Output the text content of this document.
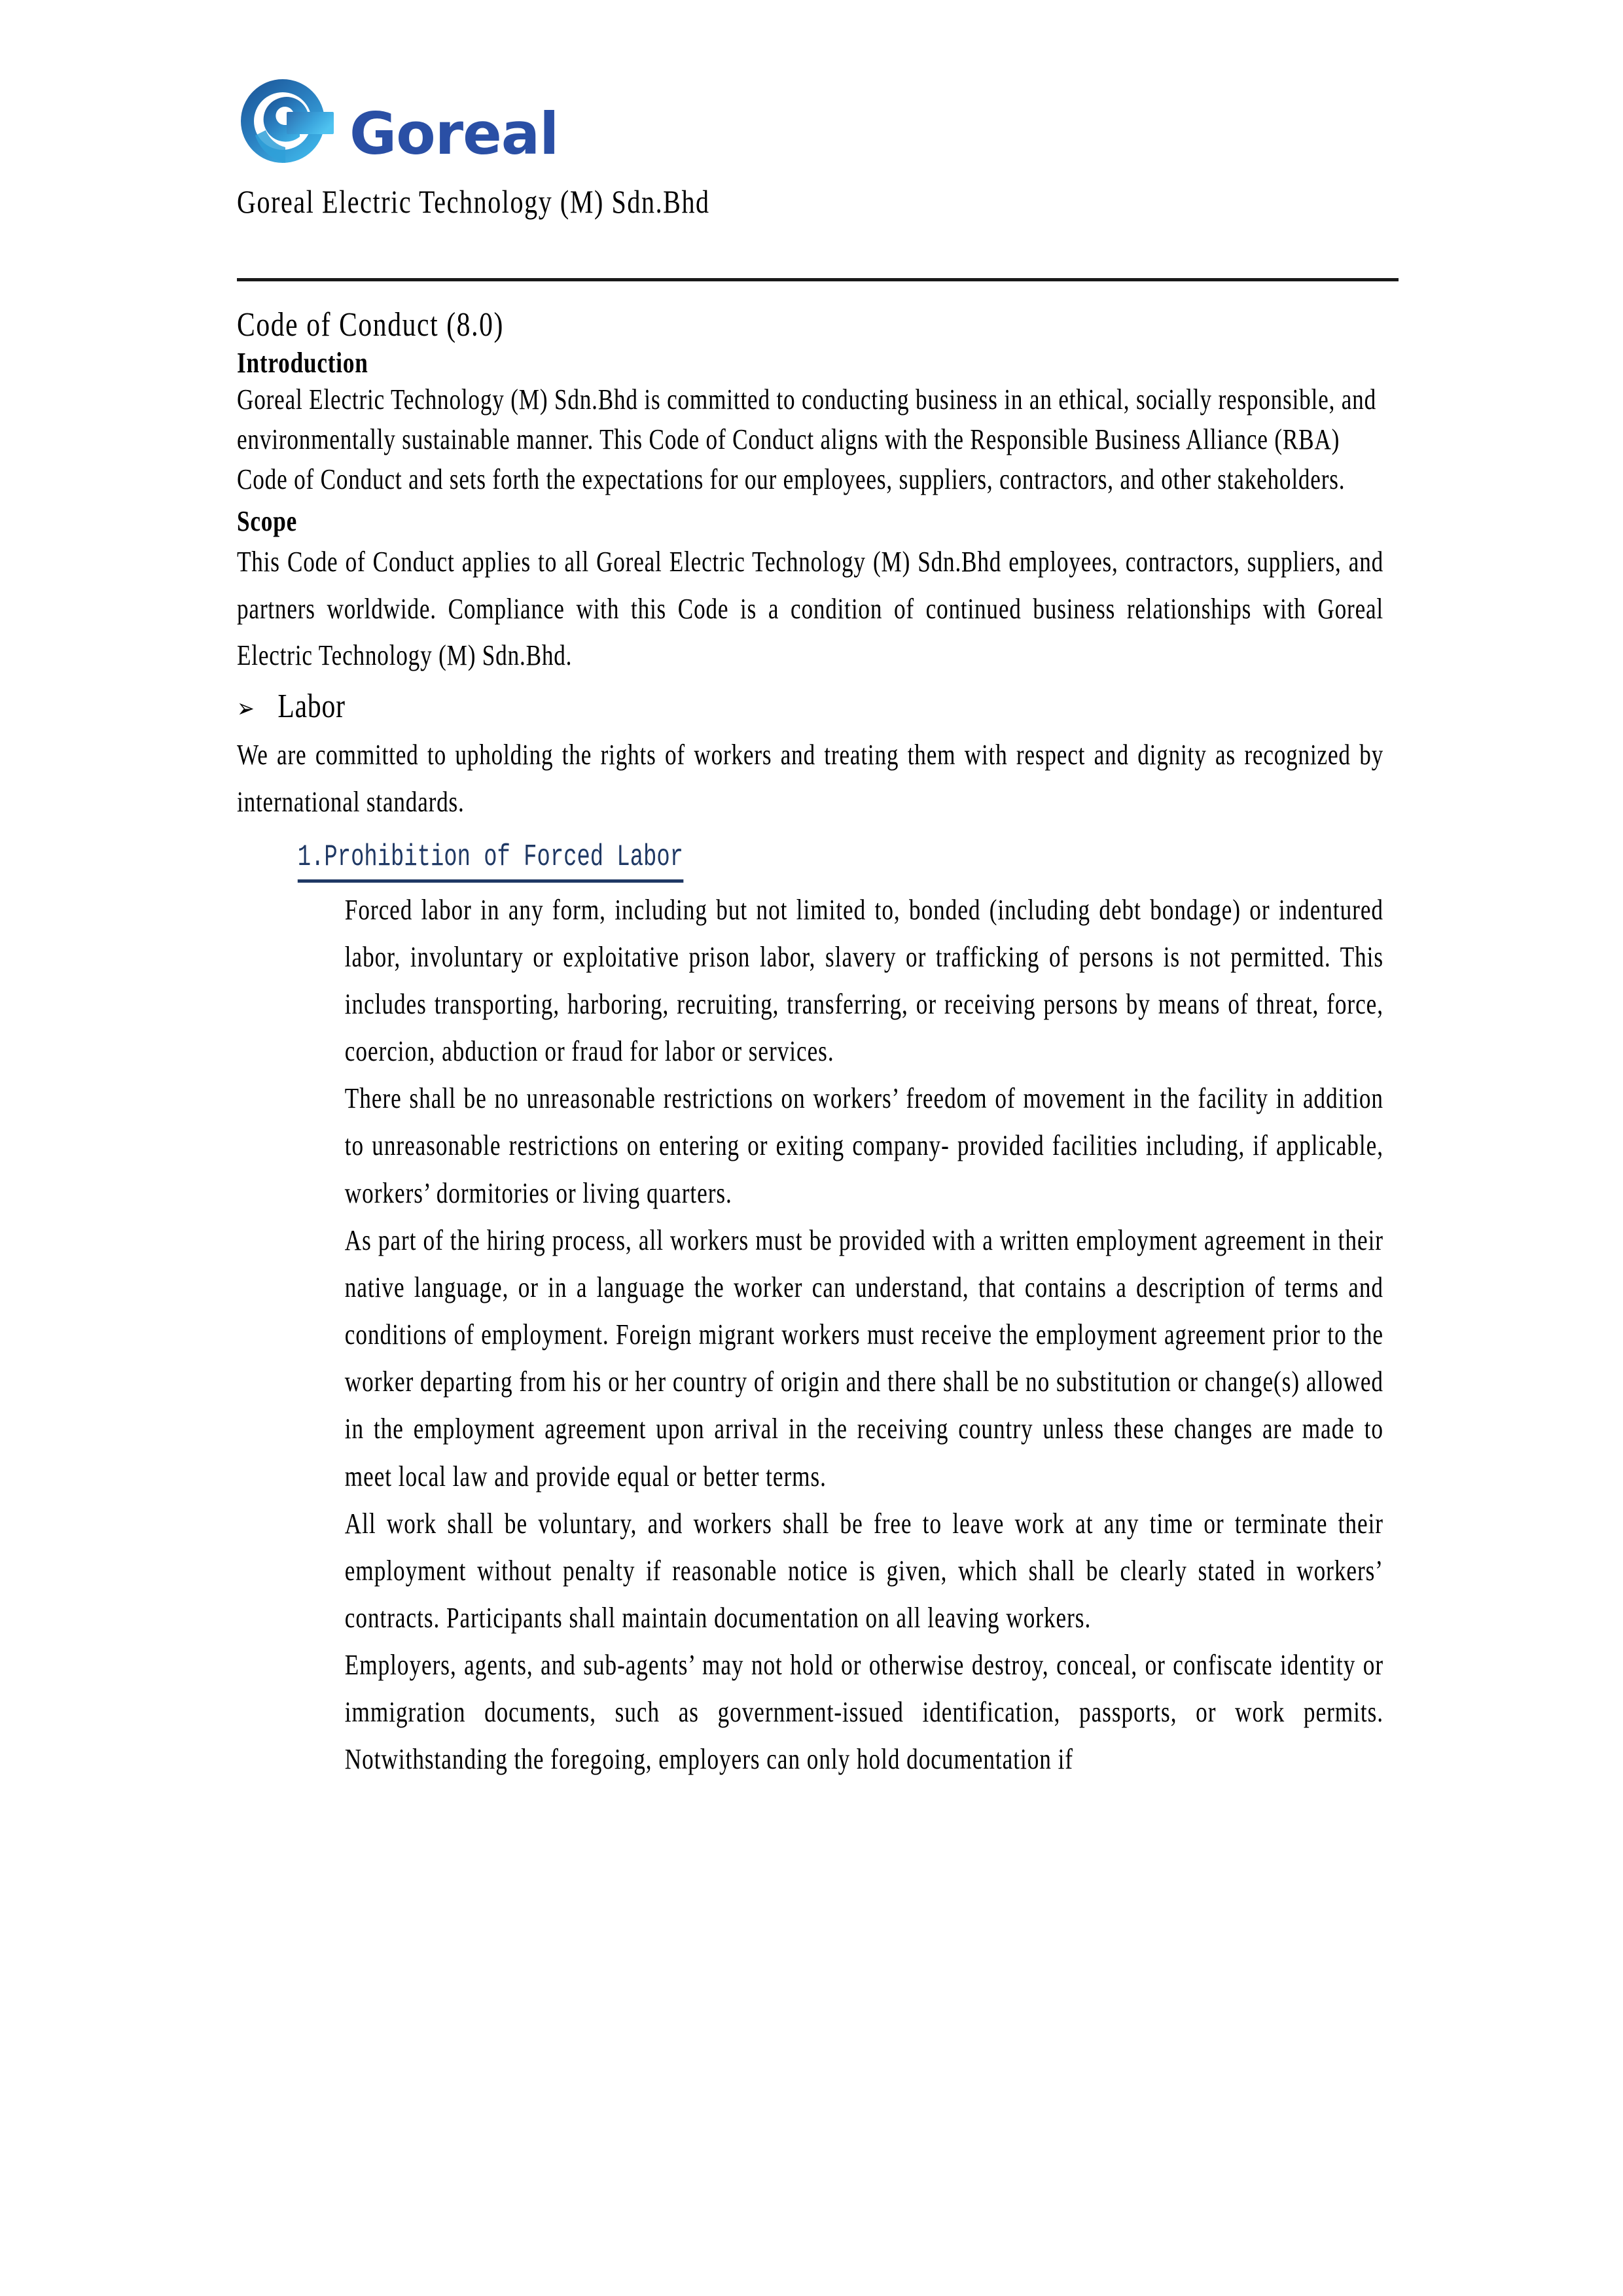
Goreal
Goreal Electric Technology (M) Sdn.Bhd
Code of Conduct (8.0)
Introduction

Goreal Electric Technology (M) Sdn.Bhd is committed to conducting business in an ethical, socially responsible, and environmentally sustainable manner. This Code of Conduct aligns with the Responsible Business Alliance (RBA) Code of Conduct and sets forth the expectations for our employees, suppliers, contractors, and other stakeholders.

Scope

This Code of Conduct applies to all Goreal Electric Technology (M) Sdn.Bhd employees, contractors, suppliers, and partners worldwide. Compliance with this Code is a condition of continued business relationships with Goreal Electric Technology (M) Sdn.Bhd.

➢ Labor

We are committed to upholding the rights of workers and treating them with respect and dignity as recognized by international standards.

1.Prohibition of Forced Labor

Forced labor in any form, including but not limited to, bonded (including debt bondage) or indentured labor, involuntary or exploitative prison labor, slavery or trafficking of persons is not permitted. This includes transporting, harboring, recruiting, transferring, or receiving persons by means of threat, force, coercion, abduction or fraud for labor or services.

There shall be no unreasonable restrictions on workers’ freedom of movement in the facility in addition to unreasonable restrictions on entering or exiting company- provided facilities including, if applicable, workers’ dormitories or living quarters.

As part of the hiring process, all workers must be provided with a written employment agreement in their native language, or in a language the worker can understand, that contains a description of terms and conditions of employment. Foreign migrant workers must receive the employment agreement prior to the worker departing from his or her country of origin and there shall be no substitution or change(s) allowed in the employment agreement upon arrival in the receiving country unless these changes are made to meet local law and provide equal or better terms.

All work shall be voluntary, and workers shall be free to leave work at any time or terminate their employment without penalty if reasonable notice is given, which shall be clearly stated in workers’ contracts. Participants shall maintain documentation on all leaving workers.

Employers, agents, and sub-agents’ may not hold or otherwise destroy, conceal, or confiscate identity or immigration documents, such as government-issued identification, passports, or work permits. Notwithstanding the foregoing, employers can only hold documentation if
